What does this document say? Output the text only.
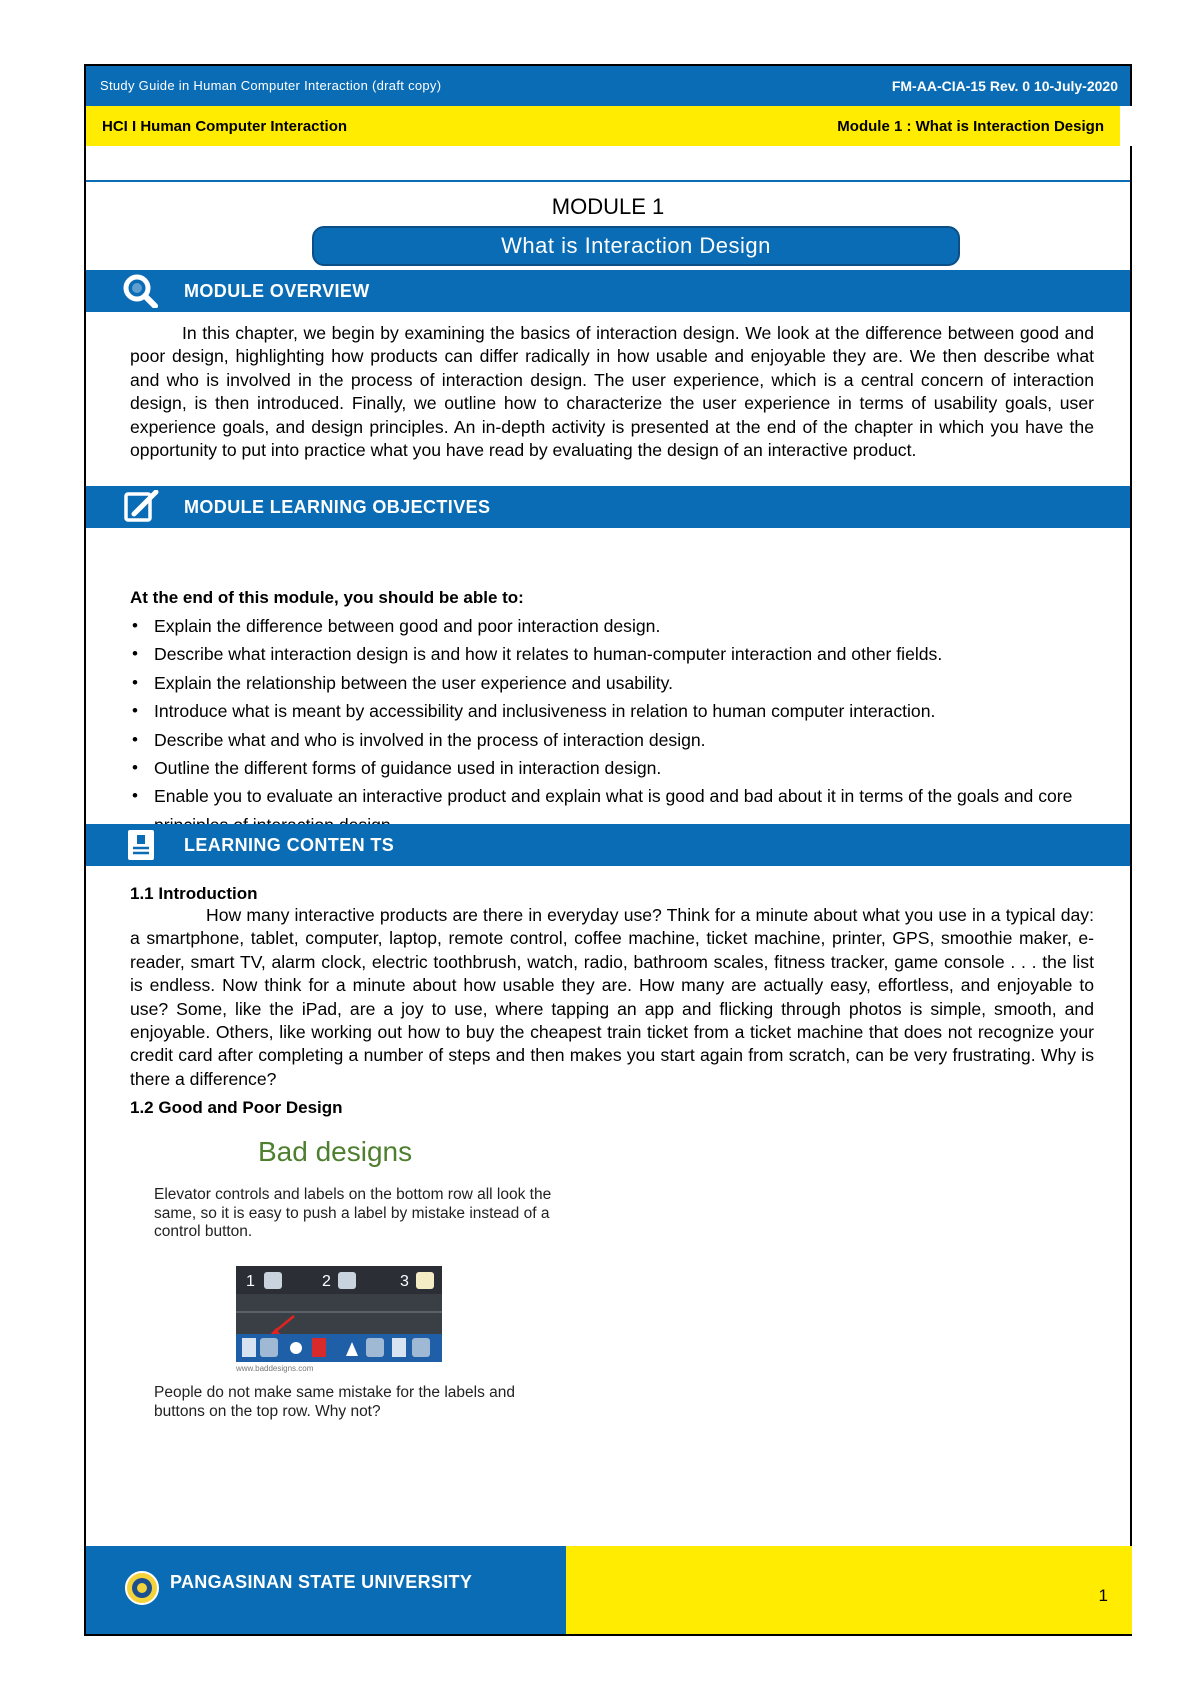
Study Guide in Human Computer Interaction (draft copy)	FM-AA-CIA-15 Rev. 0 10-July-2020
HCI I Human Computer Interaction	Module 1 : What is Interaction Design
MODULE 1
What is Interaction Design
MODULE OVERVIEW
In this chapter, we begin by examining the basics of interaction design. We look at the difference between good and poor design, highlighting how products can differ radically in how usable and enjoyable they are. We then describe what and who is involved in the process of interaction design. The user experience, which is a central concern of interaction design, is then introduced. Finally, we outline how to characterize the user experience in terms of usability goals, user experience goals, and design principles. An in-depth activity is presented at the end of the chapter in which you have the opportunity to put into practice what you have read by evaluating the design of an interactive product.
MODULE LEARNING OBJECTIVES
At the end of this module, you should be able to:
• Explain the difference between good and poor interaction design.
• Describe what interaction design is and how it relates to human-computer interaction and other fields.
• Explain the relationship between the user experience and usability.
• Introduce what is meant by accessibility and inclusiveness in relation to human computer interaction.
• Describe what and who is involved in the process of interaction design.
• Outline the different forms of guidance used in interaction design.
• Enable you to evaluate an interactive product and explain what is good and bad about it in terms of the goals and core
LEARNING CONTEN TS
1.1 Introduction
How many interactive products are there in everyday use? Think for a minute about what you use in a typical day: a smartphone, tablet, computer, laptop, remote control, coffee machine, ticket machine, printer, GPS, smoothie maker, e-reader, smart TV, alarm clock, electric toothbrush, watch, radio, bathroom scales, fitness tracker, game console . . . the list is endless. Now think for a minute about how usable they are. How many are actually easy, effortless, and enjoyable to use? Some, like the iPad, are a joy to use, where tapping an app and flicking through photos is simple, smooth, and enjoyable. Others, like working out how to buy the cheapest train ticket from a ticket machine that does not recognize your credit card after completing a number of steps and then makes you start again from scratch, can be very frustrating. Why is there a difference?
1.2 Good and Poor Design
Bad designs
Elevator controls and labels on the bottom row all look the same, so it is easy to push a label by mistake instead of a control button.
1	2	3
www.baddesigns.com
People do not make same mistake for the labels and buttons on the top row. Why not?
PANGASINAN STATE UNIVERSITY
1
